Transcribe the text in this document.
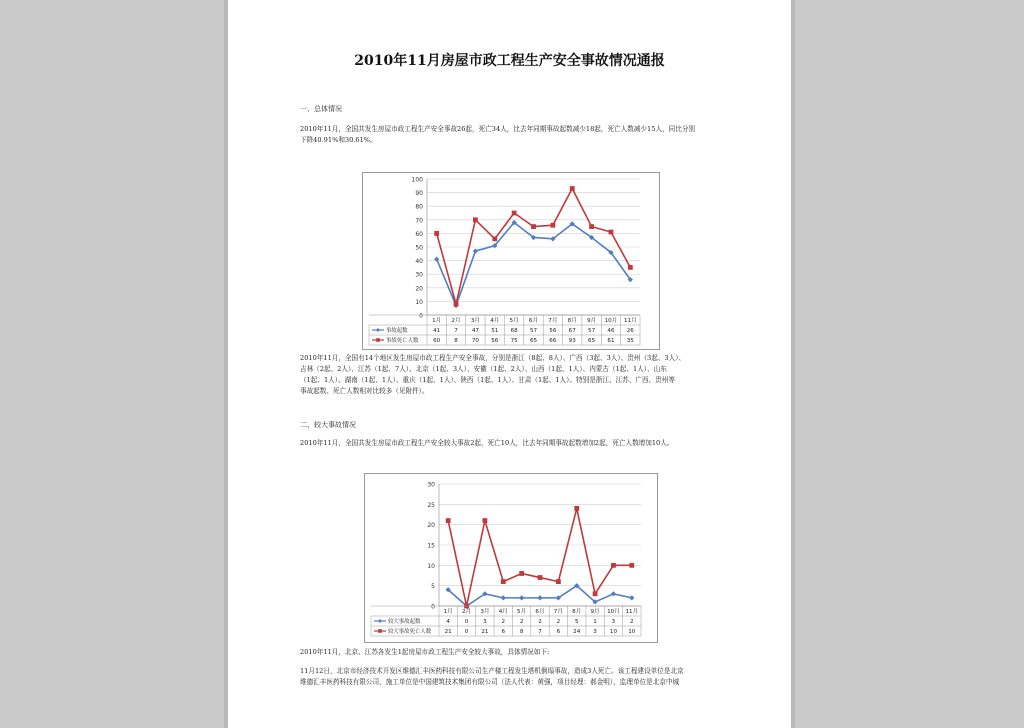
2010年11月房屋市政工程生产安全事故情况通报
一、总体情况
2010年11月，全国共发生房屋市政工程生产安全事故26起，死亡34人，比去年同期事故起数减少18起，死亡人数减少15人，同比分别
下降40.91%和30.61%。
0
10
20
30
40
50
60
70
80
90
100
1月 2月 3月 4月 5月 6月 7月 8月 9月 10月 11月
事故起数	41	7	47 51 68 57 56 67 57 46 26
事故死亡人数	60	8	70 56 75 65 66 93 65 61 35
2010年11月，全国有14个地区发生房屋市政工程生产安全事故，分别是浙江（8起、8人）、广西（3起、3人）、贵州（3起、3人）、
吉林（2起、2人）、江苏（1起、7人）、北京（1起、3人）、安徽（1起、2人）、山西（1起、1人）、内蒙古（1起、1人）、山东
（1起、1人）、湖南（1起、1人）、重庆（1起、1人）、陕西（1起、1人）、甘肃（1起、1人）。特别是浙江、江苏、广西、贵州等
事故起数、死亡人数相对比较多（见附件）。
二、较大事故情况
2010年11月，全国共发生房屋市政工程生产安全较大事故2起，死亡10人，比去年同期事故起数增加2起，死亡人数增加10人。
0
5
10
15
20
25
30
1月 2月 3月 4月 5月 6月 7月 8月 9月 10月 11月
较大事故起数	4	0	3	2	2	2	2	5	1	3	2
较大事故死亡人数 21 0 21 6	8	7	6 24 3 10 10
2010年11月，北京、江苏各发生1起房屋市政工程生产安全较大事故，具体情况如下:
11月12日，北京市经济技术开发区维德汇丰医药科技有限公司生产楼工程发生塔机倒塌事故，造成3人死亡。该工程建设单位是北京
维德汇丰医药科技有限公司，施工单位是中国建筑技术集团有限公司（法人代表：黄强，项目经理：郝金明），监理单位是北京中城
